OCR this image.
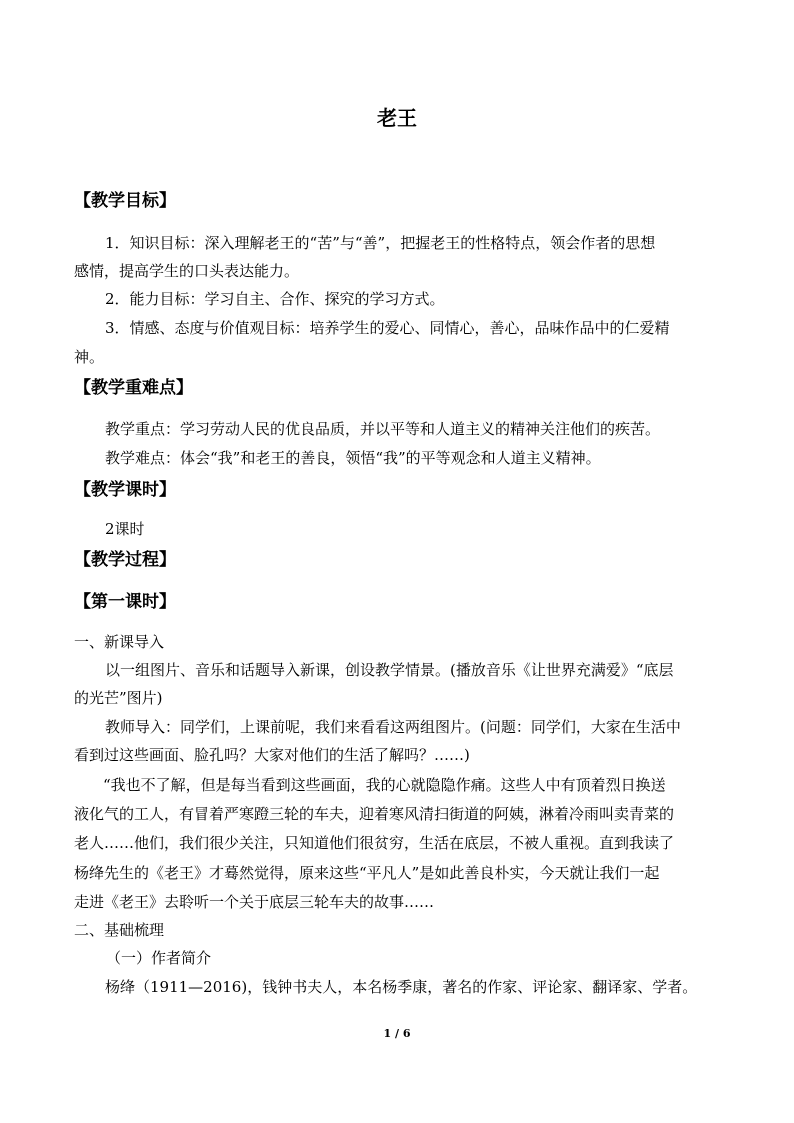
老王
【教学目标】
1．知识目标：深入理解老王的“苦”与“善”，把握老王的性格特点，领会作者的思想
感情，提高学生的口头表达能力。
2．能力目标：学习自主、合作、探究的学习方式。
3．情感、态度与价值观目标：培养学生的爱心、同情心，善心，品味作品中的仁爱精
神。
【教学重难点】
教学重点：学习劳动人民的优良品质，并以平等和人道主义的精神关注他们的疾苦。
教学难点：体会“我”和老王的善良，领悟“我”的平等观念和人道主义精神。
【教学课时】
2课时
【教学过程】
【第一课时】
一、新课导入
以一组图片、音乐和话题导入新课，创设教学情景。(播放音乐《让世界充满爱》“底层
的光芒”图片)
教师导入：同学们，上课前呢，我们来看看这两组图片。(问题：同学们，大家在生活中
看到过这些画面、脸孔吗？大家对他们的生活了解吗？……)
“我也不了解，但是每当看到这些画面，我的心就隐隐作痛。这些人中有顶着烈日换送
液化气的工人，有冒着严寒蹬三轮的车夫，迎着寒风清扫街道的阿姨，淋着冷雨叫卖青菜的
老人……他们，我们很少关注，只知道他们很贫穷，生活在底层，不被人重视。直到我读了
杨绛先生的《老王》才蓦然觉得，原来这些“平凡人”是如此善良朴实，今天就让我们一起
走进《老王》去聆听一个关于底层三轮车夫的故事……
二、基础梳理
（一）作者简介
杨绛（1911—2016)，钱钟书夫人，本名杨季康，著名的作家、评论家、翻译家、学者。
1 / 6
